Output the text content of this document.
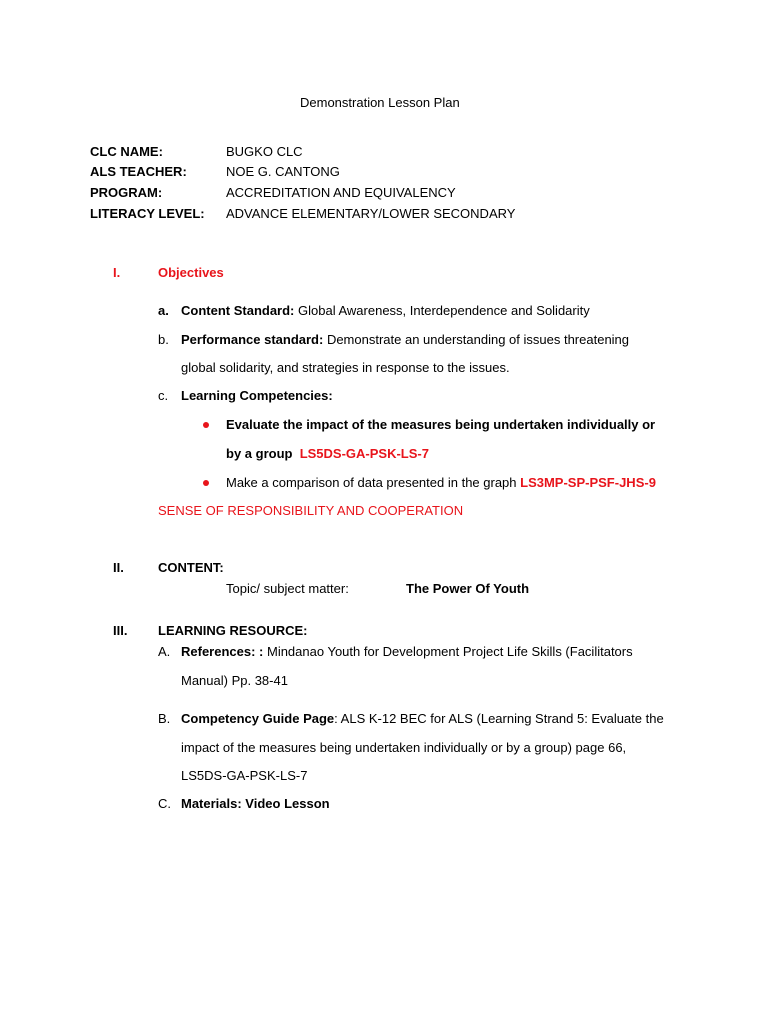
Demonstration Lesson Plan
CLC NAME:	BUGKO CLC
ALS TEACHER:	NOE G. CANTONG
PROGRAM:	ACCREDITATION AND EQUIVALENCY
LITERACY LEVEL: ADVANCE ELEMENTARY/LOWER SECONDARY
I.	Objectives
a. Content Standard: Global Awareness, Interdependence and Solidarity
b. Performance standard: Demonstrate an understanding of issues threatening
global solidarity, and strategies in response to the issues.
c. Learning Competencies:
Evaluate the impact of the measures being undertaken individually or
by a group LS5DS-GA-PSK-LS-7
Make a comparison of data presented in the graph LS3MP-SP-PSF-JHS-9
SENSE OF RESPONSIBILITY AND COOPERATION
II.	CONTENT:
Topic/ subject matter:	The Power Of Youth
III. LEARNING RESOURCE:
A. References: : Mindanao Youth for Development Project Life Skills (Facilitators
Manual) Pp. 38-41
B. Competency Guide Page: ALS K-12 BEC for ALS (Learning Strand 5: Evaluate the
impact of the measures being undertaken individually or by a group) page 66,
LS5DS-GA-PSK-LS-7
C. Materials: Video Lesson
